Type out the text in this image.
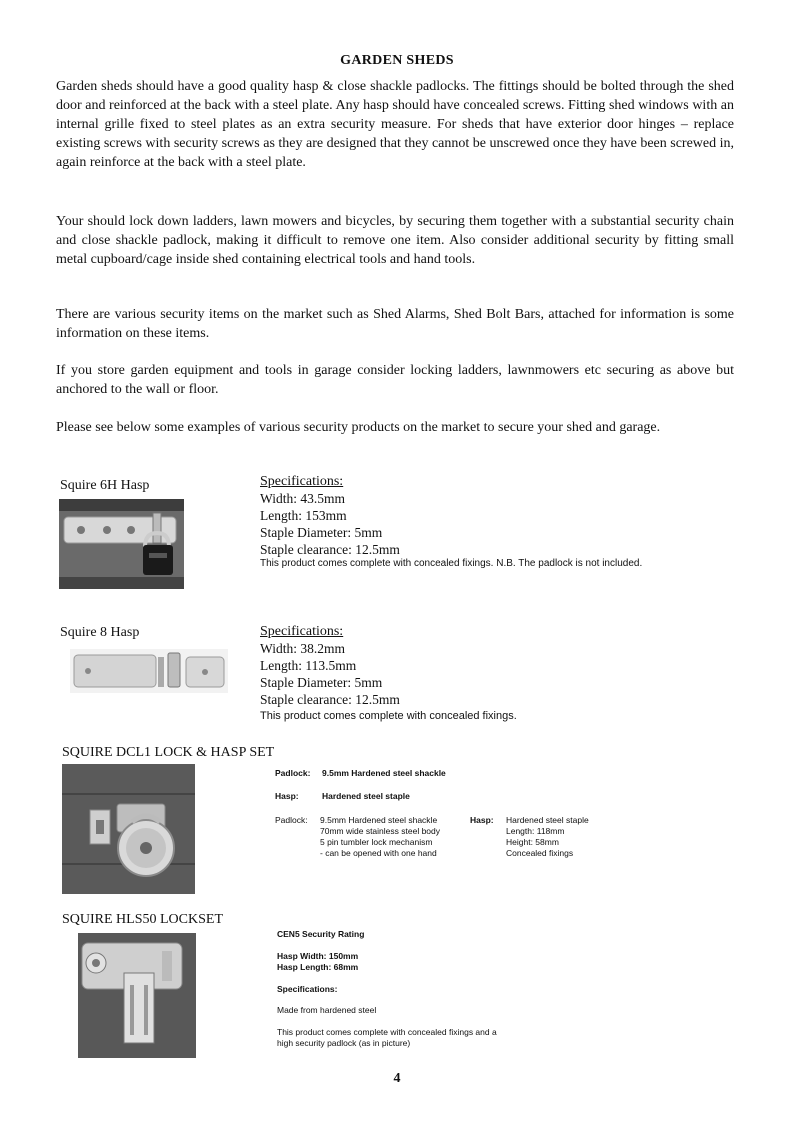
GARDEN SHEDS

Garden sheds should have a good quality hasp & close shackle padlocks. The fittings should be bolted through the shed door and reinforced at the back with a steel plate. Any hasp should have concealed screws. Fitting shed windows with an internal grille fixed to steel plates as an extra security measure. For sheds that have exterior door hinges – replace existing screws with security screws as they are designed that they cannot be unscrewed once they have been screwed in, again reinforce at the back with a steel plate.

Your should lock down ladders, lawn mowers and bicycles, by securing them together with a substantial security chain and close shackle padlock, making it difficult to remove one item. Also consider additional security by fitting small metal cupboard/cage inside shed containing electrical tools and hand tools.

There are various security items on the market such as Shed Alarms, Shed Bolt Bars, attached for information is some information on these items.

If you store garden equipment and tools in garage consider locking ladders, lawnmowers etc securing as above but anchored to the wall or floor.

Please see below some examples of various security products on the market to secure your shed and garage.

Squire 6H Hasp	Specifications:
Width: 43.5mm
Length: 153mm
Staple Diameter: 5mm
Staple clearance: 12.5mm
This product comes complete with concealed fixings. N.B. The padlock is not included.
Squire 8 Hasp	Specifications:
Width: 38.2mm
Length: 113.5mm
Staple Diameter: 5mm
Staple clearance: 12.5mm
This product comes complete with concealed fixings.
SQUIRE DCL1 LOCK & HASP SET
Padlock: 9.5mm Hardened steel shackle
Hasp:	Hardened steel staple
Padlock: 9.5mm Hardened steel shackle
70mm wide stainless steel body
5 pin tumbler lock mechanism
- can be opened with one hand
Hasp: Hardened steel staple
Length: 118mm
Height: 58mm
Concealed fixings
SQUIRE HLS50 LOCKSET
CEN5 Security Rating
Hasp Width: 150mm
Hasp Length: 68mm
Specifications:
Made from hardened steel
This product comes complete with concealed fixings and a
high security padlock (as in picture)
4
